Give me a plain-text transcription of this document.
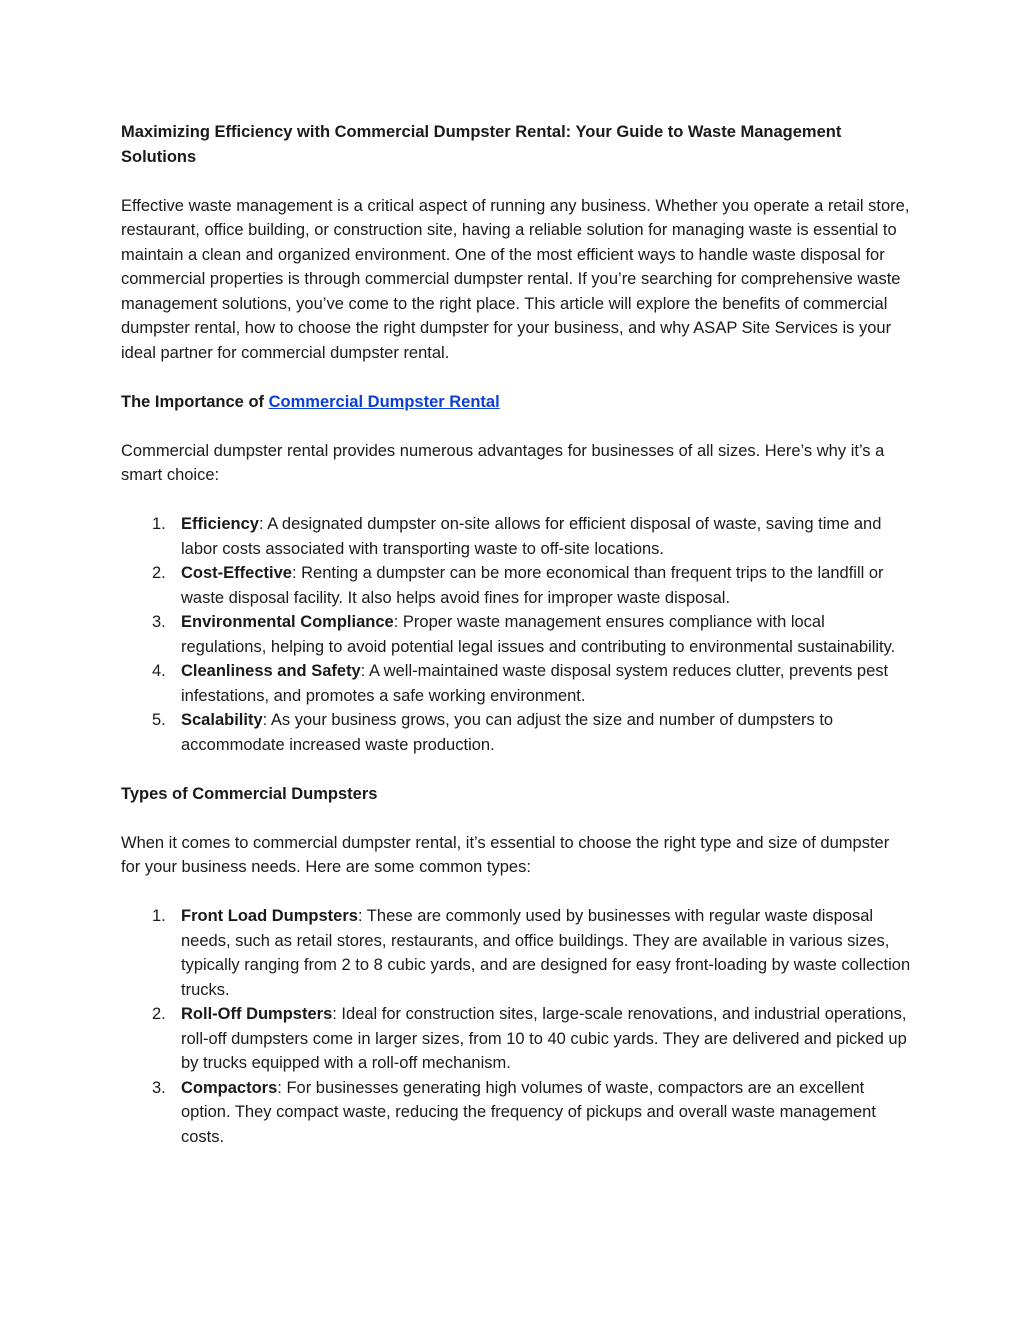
Maximizing Efficiency with Commercial Dumpster Rental: Your Guide to Waste Management Solutions

Effective waste management is a critical aspect of running any business. Whether you operate a retail store, restaurant, office building, or construction site, having a reliable solution for managing waste is essential to maintain a clean and organized environment. One of the most efficient ways to handle waste disposal for commercial properties is through commercial dumpster rental. If you’re searching for comprehensive waste management solutions, you’ve come to the right place. This article will explore the benefits of commercial dumpster rental, how to choose the right dumpster for your business, and why ASAP Site Services is your ideal partner for commercial dumpster rental.

The Importance of Commercial Dumpster Rental

Commercial dumpster rental provides numerous advantages for businesses of all sizes. Here’s why it’s a smart choice:

1. Efficiency: A designated dumpster on-site allows for efficient disposal of waste, saving time and labor costs associated with transporting waste to off-site locations.
2. Cost-Effective: Renting a dumpster can be more economical than frequent trips to the landfill or waste disposal facility. It also helps avoid fines for improper waste disposal.
3. Environmental Compliance: Proper waste management ensures compliance with local regulations, helping to avoid potential legal issues and contributing to environmental sustainability.
4. Cleanliness and Safety: A well-maintained waste disposal system reduces clutter, prevents pest infestations, and promotes a safe working environment.
5. Scalability: As your business grows, you can adjust the size and number of dumpsters to accommodate increased waste production.
Types of Commercial Dumpsters

When it comes to commercial dumpster rental, it’s essential to choose the right type and size of dumpster for your business needs. Here are some common types:

1. Front Load Dumpsters: These are commonly used by businesses with regular waste disposal needs, such as retail stores, restaurants, and office buildings. They are available in various sizes, typically ranging from 2 to 8 cubic yards, and are designed for easy front-loading by waste collection trucks.
2. Roll-Off Dumpsters: Ideal for construction sites, large-scale renovations, and industrial operations, roll-off dumpsters come in larger sizes, from 10 to 40 cubic yards. They are delivered and picked up by trucks equipped with a roll-off mechanism.
3. Compactors: For businesses generating high volumes of waste, compactors are an excellent option. They compact waste, reducing the frequency of pickups and overall waste management costs.
